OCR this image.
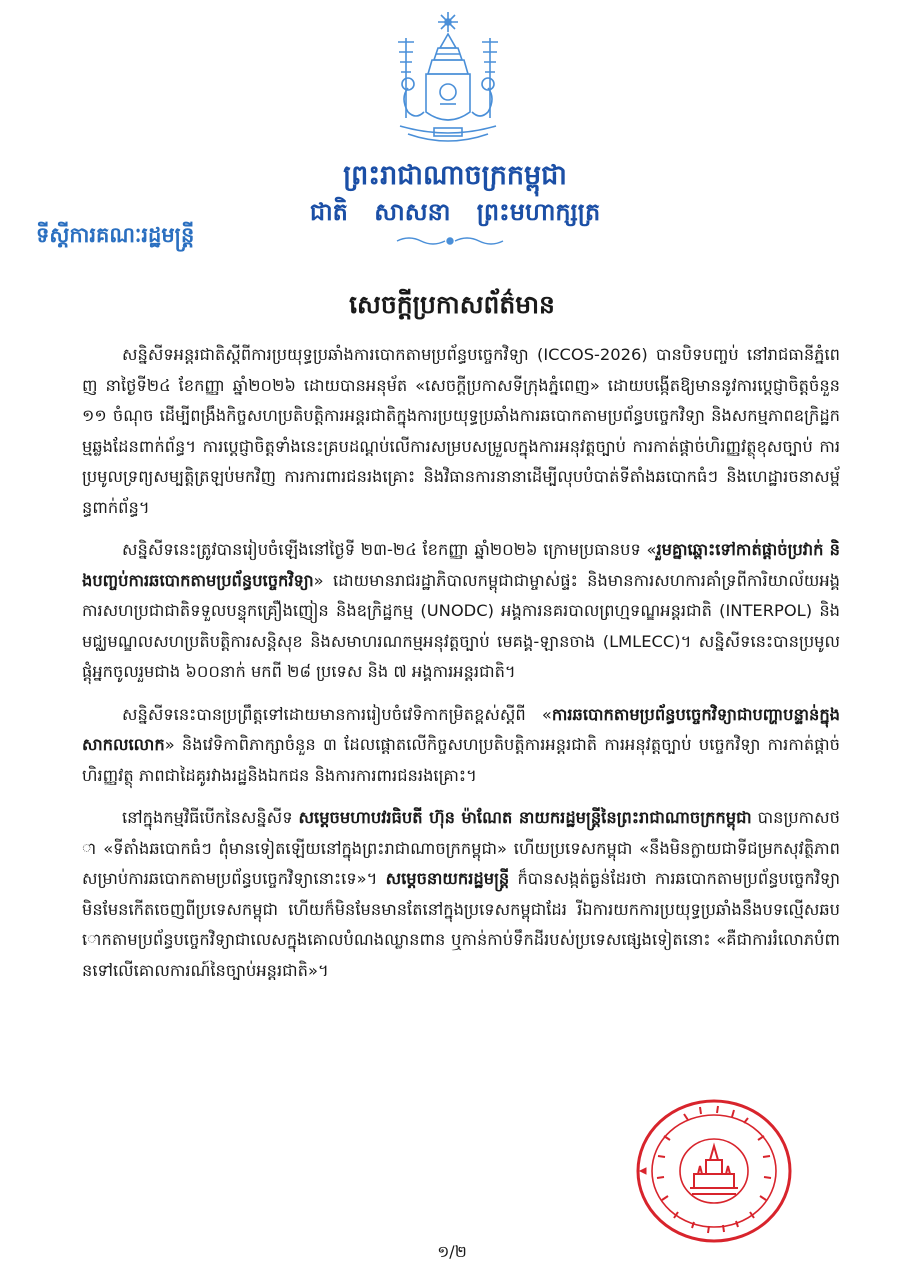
ព្រះរាជាណាចក្រកម្ពុជា

ជាតិ សាសនា ព្រះមហាក្សត្រ

ទីស្តីការគណៈរដ្ឋមន្ត្រី

សេចក្តីប្រកាសព័ត៌មាន

សន្និសីទអន្តរជាតិស្តីពីការប្រយុទ្ធប្រឆាំងការបោកតាមប្រព័ន្ធបច្ចេកវិទ្យា (ICCOS-2026) បានបិទបញ្ចប់ នៅរាជធានីភ្នំពេញ នាថ្ងៃទី២៤ ខែកញ្ញា ឆ្នាំ២០២៦ ដោយបានអនុម័ត «សេចក្តីប្រកាសទីក្រុងភ្នំពេញ» ដោយបង្កើតឱ្យមាននូវការប្តេជ្ញាចិត្តចំនួន ១១ ចំណុច ដើម្បីពង្រឹងកិច្ចសហប្រតិបត្តិការអន្តរជាតិក្នុងការប្រយុទ្ធប្រឆាំងការឆបោកតាមប្រព័ន្ធបច្ចេកវិទ្យា និងសកម្មភាពឧក្រិដ្ឋកម្មឆ្លងដែនពាក់ព័ន្ធ។ ការប្តេជ្ញាចិត្តទាំងនេះគ្របដណ្តប់លើការសម្របសម្រួលក្នុងការអនុវត្តច្បាប់ ការកាត់ផ្តាច់ហិរញ្ញវត្ថុខុសច្បាប់ ការប្រមូលទ្រព្យសម្បត្តិត្រឡប់មកវិញ ការការពារជនរងគ្រោះ និងវិធានការនានាដើម្បីលុបបំបាត់ទីតាំងឆបោកធំៗ និងហេដ្ឋារចនាសម្ព័ន្ធពាក់ព័ន្ធ។

សន្និសីទនេះត្រូវបានរៀបចំឡើងនៅថ្ងៃទី ២៣-២៤ ខែកញ្ញា ឆ្នាំ២០២៦ ក្រោមប្រធានបទ «រួមគ្នាឆ្ពោះទៅកាត់ផ្តាច់ប្រវាក់ និងបញ្ចប់ការឆបោកតាមប្រព័ន្ធបច្ចេកវិទ្យា» ដោយមានរាជរដ្ឋាភិបាលកម្ពុជាជាម្ចាស់ផ្ទះ និងមានការសហការគាំទ្រពីការិយាល័យអង្គការសហប្រជាជាតិទទួលបន្ទុកគ្រឿងញៀន និងឧក្រិដ្ឋកម្ម (UNODC) អង្គការនគរបាលព្រហ្មទណ្ឌអន្តរជាតិ (INTERPOL) និងមជ្ឈមណ្ឌលសហប្រតិបត្តិការសន្តិសុខ និងសមាហរណកម្មអនុវត្តច្បាប់ មេគង្គ-ឡានចាង (LMLECC)។ សន្និសីទនេះបានប្រមូលផ្តុំអ្នកចូលរួមជាង ៦០០នាក់ មកពី ២៨ ប្រទេស និង ៧ អង្គការអន្តរជាតិ។

សន្និសីទនេះបានប្រព្រឹត្តទៅដោយមានការរៀបចំវេទិកាកម្រិតខ្ពស់ស្តីពី «ការឆបោកតាមប្រព័ន្ធបច្ចេកវិទ្យាជាបញ្ហាបន្ទាន់ក្នុងសាកលលោក» និងវេទិកាពិភាក្សាចំនួន ៣ ដែលផ្តោតលើកិច្ចសហប្រតិបត្តិការអន្តរជាតិ ការអនុវត្តច្បាប់ បច្ចេកវិទ្យា ការកាត់ផ្តាច់ហិរញ្ញវត្ថុ ភាពជាដៃគូរវាងរដ្ឋនិងឯកជន និងការការពារជនរងគ្រោះ។

នៅក្នុងកម្មវិធីបើកនៃសន្និសីទ សម្តេចមហាបវរធិបតី ហ៊ុន ម៉ាណែត នាយករដ្ឋមន្ត្រីនៃព្រះរាជាណាចក្រកម្ពុជា បានប្រកាសថា «ទីតាំងឆបោកធំៗ ពុំមានទៀតឡើយនៅក្នុងព្រះរាជាណាចក្រកម្ពុជា» ហើយប្រទេសកម្ពុជា «នឹងមិនក្លាយជាទីជម្រកសុវត្ថិភាពសម្រាប់ការឆបោកតាមប្រព័ន្ធបច្ចេកវិទ្យានោះទេ»។ សម្តេចនាយករដ្ឋមន្ត្រី ក៏បានសង្កត់ធ្ងន់ដែរថា ការឆបោកតាមប្រព័ន្ធបច្ចេកវិទ្យាមិនមែនកើតចេញពីប្រទេសកម្ពុជា ហើយក៏មិនមែនមានតែនៅក្នុងប្រទេសកម្ពុជាដែរ រីឯការយកការប្រយុទ្ធប្រឆាំងនឹងបទល្មើសឆបោកតាមប្រព័ន្ធបច្ចេកវិទ្យាជាលេសក្នុងគោលបំណងឈ្លានពាន ឬកាន់កាប់ទឹកដីរបស់ប្រទេសផ្សេងទៀតនោះ «គឺជាការរំលោភបំពានទៅលើគោលការណ៍នៃច្បាប់អន្តរជាតិ»។

១/២
